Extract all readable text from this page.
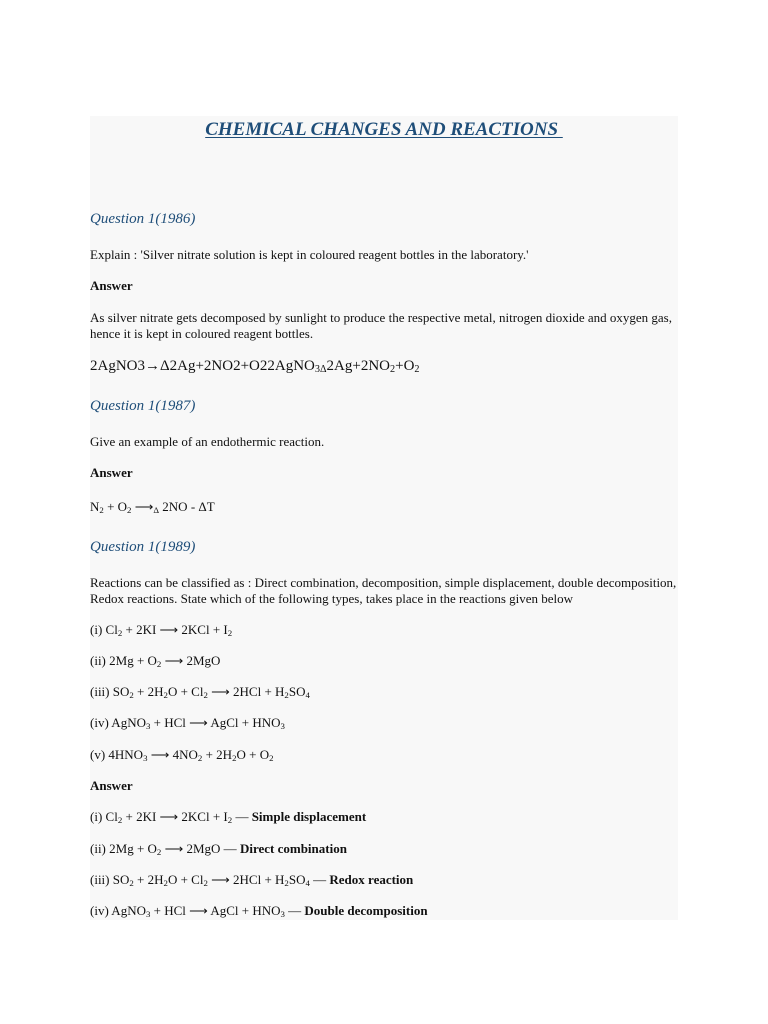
CHEMICAL CHANGES AND REACTIONS
Question 1(1986)
Explain : 'Silver nitrate solution is kept in coloured reagent bottles in the laboratory.'
Answer
As silver nitrate gets decomposed by sunlight to produce the respective metal, nitrogen dioxide and oxygen gas, hence it is kept in coloured reagent bottles.
$2AgNO3\to\Delta 2Ag+2NO2+O22AgNO_{3\Delta}2Ag+2NO_2+O_2$
Question 1(1987)
Give an example of an endothermic reaction.
Answer
$N_2 + O_2$ $⟶_\Delta$ 2NO - ΔT
Question 1(1989)
Reactions can be classified as : Direct combination, decomposition, simple displacement, double decomposition, Redox reactions. State which of the following types, takes place in the reactions given below
(i) $Cl_2 + 2KI$ ⟶ $2KCl + I_2$
(ii) $2Mg + O_2$ ⟶ 2MgO
(iii) $SO_2 + 2H_2O + Cl_2$ ⟶ $2HCl + H_2SO_4$
(iv) AgNO$_3$ + HCl ⟶ AgCl + $HNO_3$
(v) $4HNO_3$ ⟶ $4NO_2 + 2H_2O + O_2$
Answer
(i) $Cl_2 + 2KI$ ⟶ $2KCl + I_2$ — Simple displacement
(ii) $2Mg + O_2$ ⟶ 2MgO — Direct combination
(iii) $SO_2 + 2H_2O + Cl_2$ ⟶ $2HCl + H_2SO_4$ — Redox reaction
(iv) AgNO$_3$ + HCl ⟶ AgCl + $HNO_3$ — Double decomposition
